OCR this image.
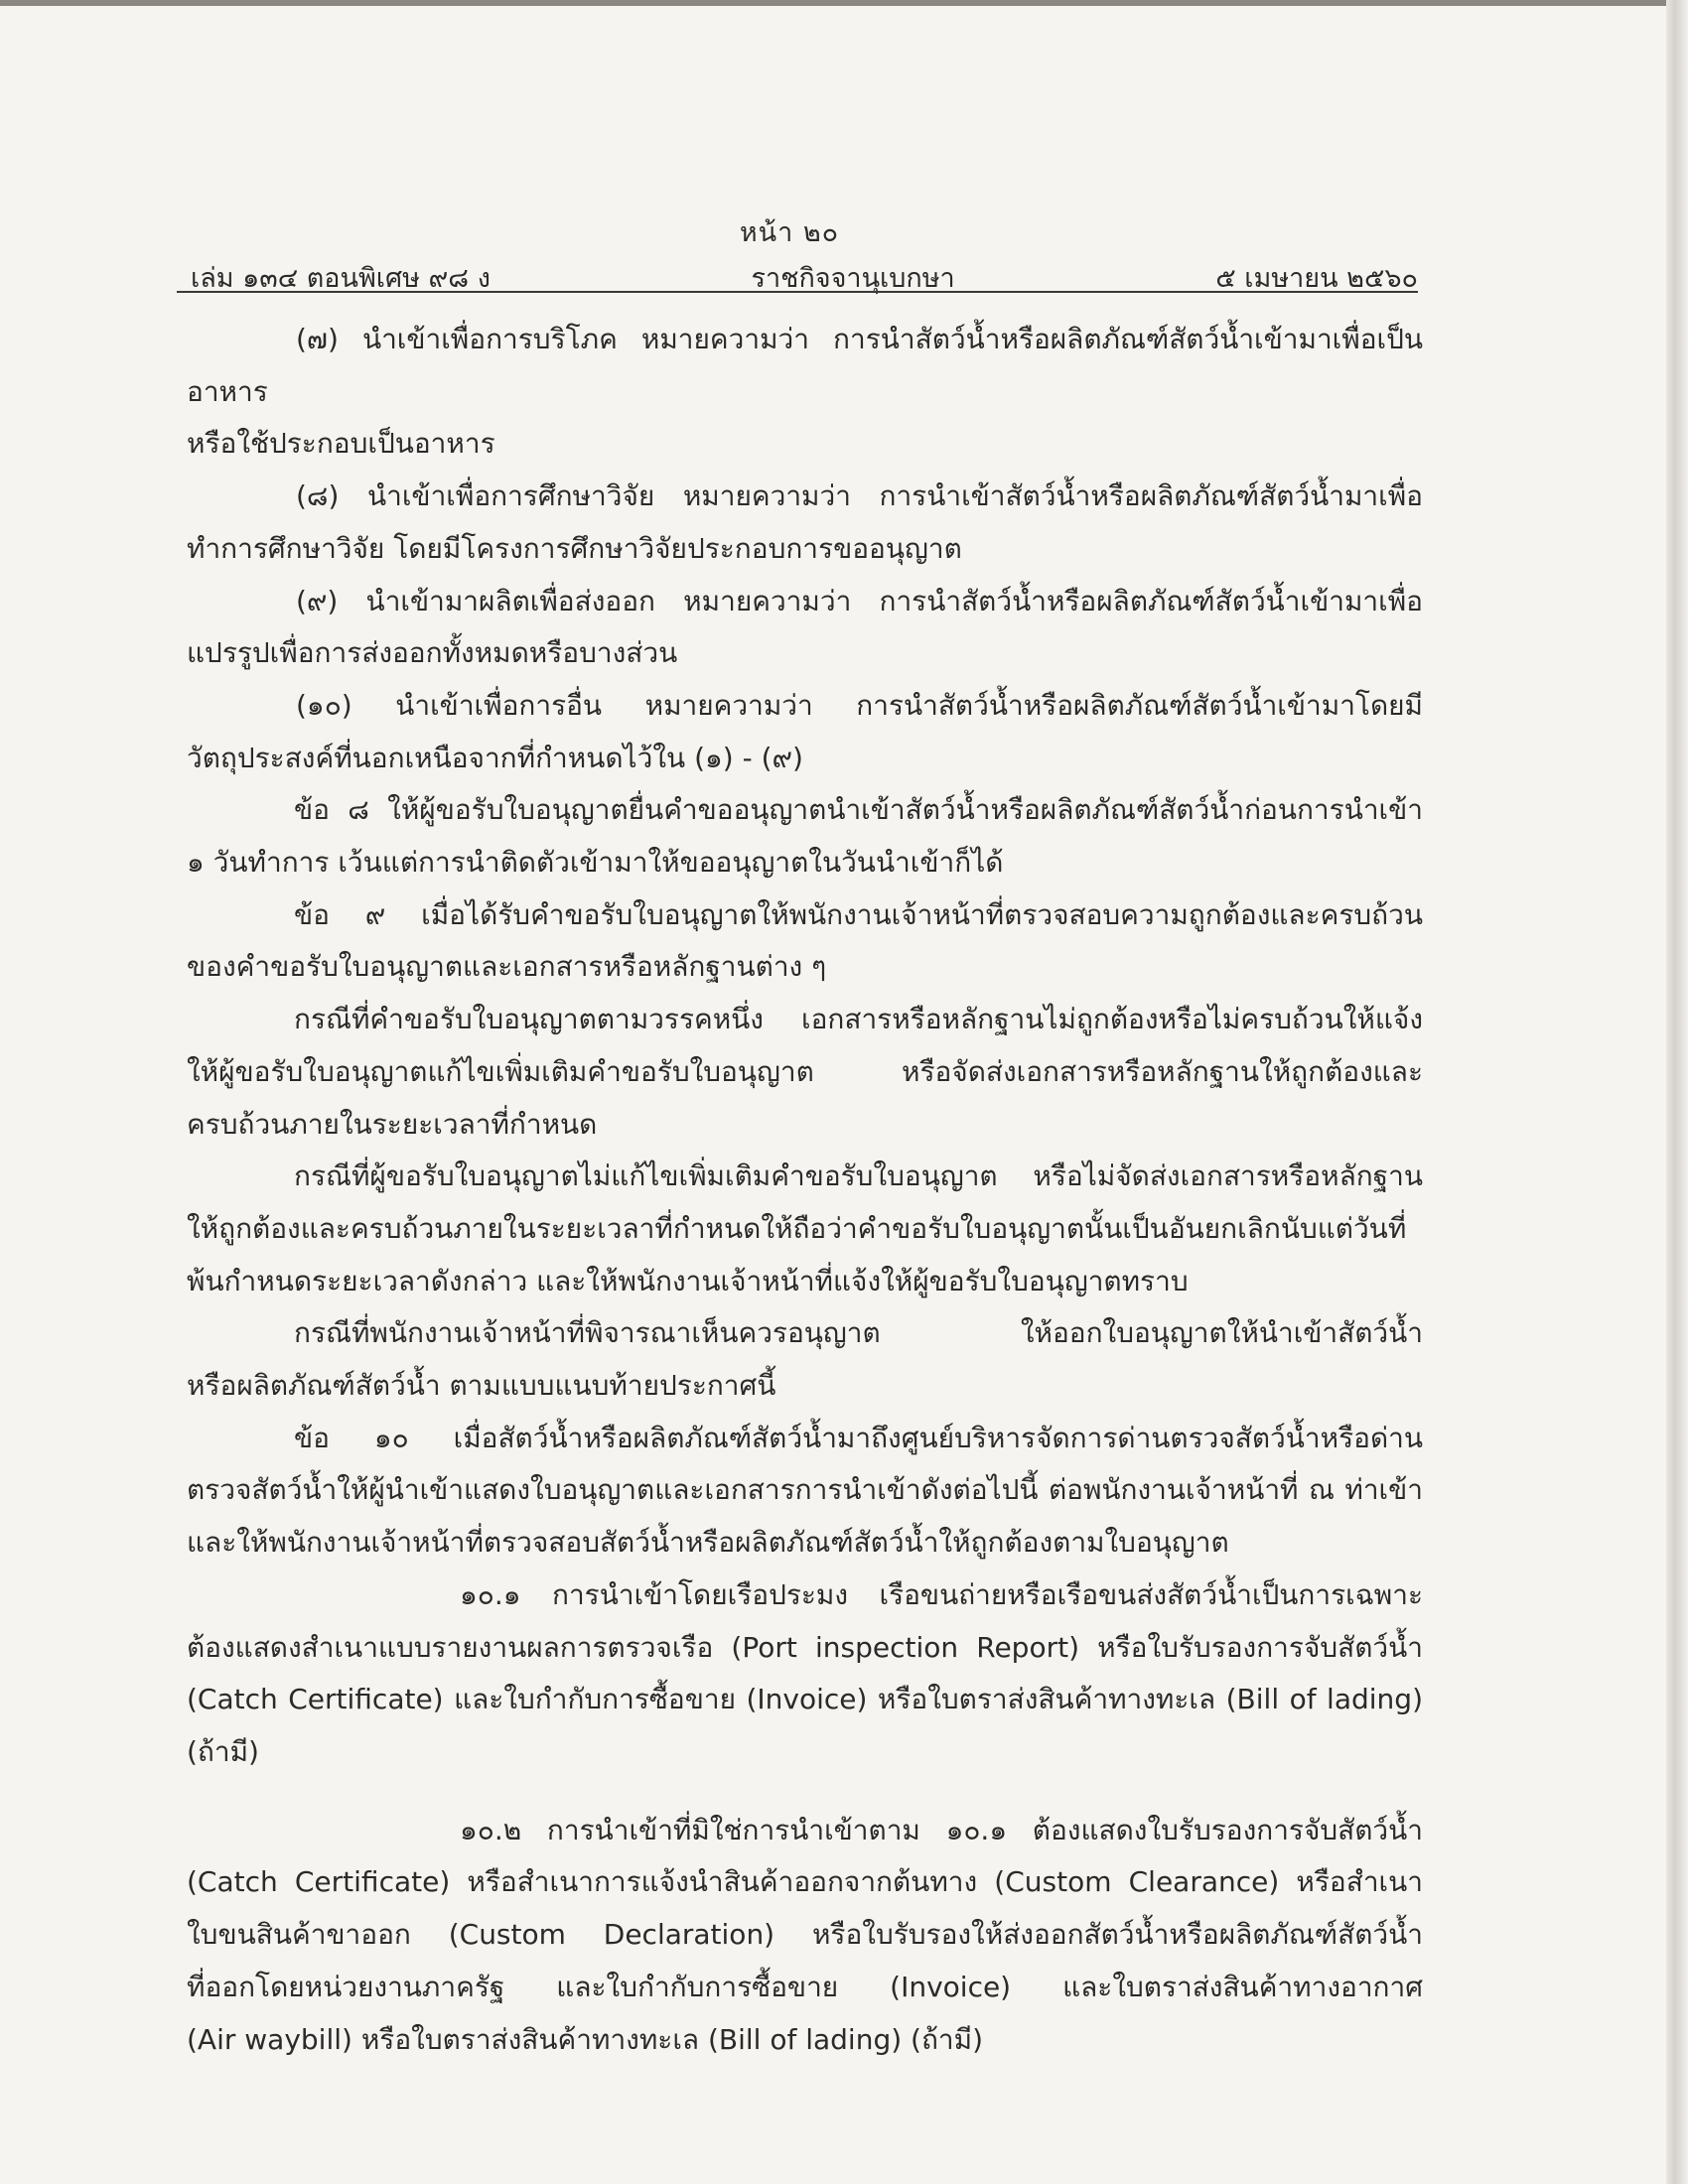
หน้า ๒๐
เล่ม ๑๓๔ ตอนพิเศษ ๙๘ ง	ราชกิจจานุเบกษา	๕ เมษายน ๒๕๖๐

(๗) นำเข้าเพื่อการบริโภค หมายความว่า การนำสัตว์น้ำหรือผลิตภัณฑ์สัตว์น้ำเข้ามาเพื่อเป็นอาหาร

หรือใช้ประกอบเป็นอาหาร

(๘) นำเข้าเพื่อการศึกษาวิจัย หมายความว่า การนำเข้าสัตว์น้ำหรือผลิตภัณฑ์สัตว์น้ำมาเพื่อ

ทำการศึกษาวิจัย โดยมีโครงการศึกษาวิจัยประกอบการขออนุญาต

(๙) นำเข้ามาผลิตเพื่อส่งออก หมายความว่า การนำสัตว์น้ำหรือผลิตภัณฑ์สัตว์น้ำเข้ามาเพื่อ

แปรรูปเพื่อการส่งออกทั้งหมดหรือบางส่วน

(๑๐) นำเข้าเพื่อการอื่น หมายความว่า การนำสัตว์น้ำหรือผลิตภัณฑ์สัตว์น้ำเข้ามาโดยมี

วัตถุประสงค์ที่นอกเหนือจากที่กำหนดไว้ใน (๑) - (๙)

ข้อ ๘ ให้ผู้ขอรับใบอนุญาตยื่นคำขออนุญาตนำเข้าสัตว์น้ำหรือผลิตภัณฑ์สัตว์น้ำก่อนการนำเข้า

๑ วันทำการ เว้นแต่การนำติดตัวเข้ามาให้ขออนุญาตในวันนำเข้าก็ได้

ข้อ ๙ เมื่อได้รับคำขอรับใบอนุญาตให้พนักงานเจ้าหน้าที่ตรวจสอบความถูกต้องและครบถ้วน

ของคำขอรับใบอนุญาตและเอกสารหรือหลักฐานต่าง ๆ

กรณีที่คำขอรับใบอนุญาตตามวรรคหนึ่ง เอกสารหรือหลักฐานไม่ถูกต้องหรือไม่ครบถ้วนให้แจ้ง

ให้ผู้ขอรับใบอนุญาตแก้ไขเพิ่มเติมคำขอรับใบอนุญาต หรือจัดส่งเอกสารหรือหลักฐานให้ถูกต้องและ

ครบถ้วนภายในระยะเวลาที่กำหนด

กรณีที่ผู้ขอรับใบอนุญาตไม่แก้ไขเพิ่มเติมคำขอรับใบอนุญาต หรือไม่จัดส่งเอกสารหรือหลักฐาน

ให้ถูกต้องและครบถ้วนภายในระยะเวลาที่กำหนดให้ถือว่าคำขอรับใบอนุญาตนั้นเป็นอันยกเลิกนับแต่วันที่

พ้นกำหนดระยะเวลาดังกล่าว และให้พนักงานเจ้าหน้าที่แจ้งให้ผู้ขอรับใบอนุญาตทราบ

กรณีที่พนักงานเจ้าหน้าที่พิจารณาเห็นควรอนุญาต ให้ออกใบอนุญาตให้นำเข้าสัตว์น้ำ

หรือผลิตภัณฑ์สัตว์น้ำ ตามแบบแนบท้ายประกาศนี้

ข้อ ๑๐ เมื่อสัตว์น้ำหรือผลิตภัณฑ์สัตว์น้ำมาถึงศูนย์บริหารจัดการด่านตรวจสัตว์น้ำหรือด่าน

ตรวจสัตว์น้ำให้ผู้นำเข้าแสดงใบอนุญาตและเอกสารการนำเข้าดังต่อไปนี้ ต่อพนักงานเจ้าหน้าที่ ณ ท่าเข้า

และให้พนักงานเจ้าหน้าที่ตรวจสอบสัตว์น้ำหรือผลิตภัณฑ์สัตว์น้ำให้ถูกต้องตามใบอนุญาต

๑๐.๑ การนำเข้าโดยเรือประมง เรือขนถ่ายหรือเรือขนส่งสัตว์น้ำเป็นการเฉพาะ

ต้องแสดงสำเนาแบบรายงานผลการตรวจเรือ (Port inspection Report) หรือใบรับรองการจับสัตว์น้ำ

(Catch Certificate) และใบกำกับการซื้อขาย (Invoice) หรือใบตราส่งสินค้าทางทะเล (Bill of lading)

(ถ้ามี)

๑๐.๒ การนำเข้าที่มิใช่การนำเข้าตาม ๑๐.๑ ต้องแสดงใบรับรองการจับสัตว์น้ำ

(Catch Certificate) หรือสำเนาการแจ้งนำสินค้าออกจากต้นทาง (Custom Clearance) หรือสำเนา

ใบขนสินค้าขาออก (Custom Declaration) หรือใบรับรองให้ส่งออกสัตว์น้ำหรือผลิตภัณฑ์สัตว์น้ำ

ที่ออกโดยหน่วยงานภาครัฐ และใบกำกับการซื้อขาย (Invoice) และใบตราส่งสินค้าทางอากาศ

(Air waybill) หรือใบตราส่งสินค้าทางทะเล (Bill of lading) (ถ้ามี)
